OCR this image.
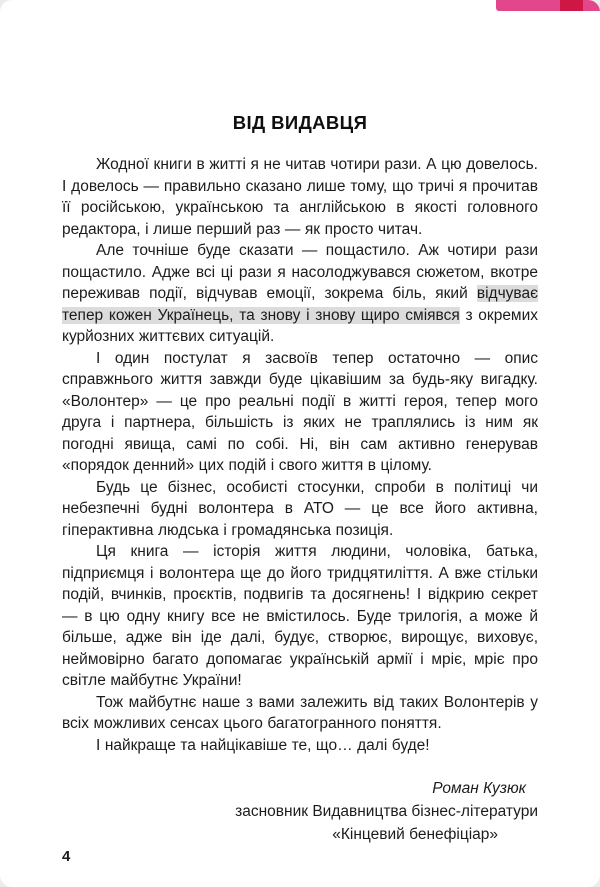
ВІД ВИДАВЦЯ

Жодної книги в житті я не читав чотири рази. А цю довелось. І довелось — правильно сказано лише тому, що тричі я прочитав її російською, українською та англійською в якості головного редактора, і лише перший раз — як просто читач.

Але точніше буде сказати — пощастило. Аж чотири рази пощастило. Адже всі ці рази я насолоджувався сюжетом, вкотре переживав події, відчував емоції, зокрема біль, який відчуває тепер кожен Українець, та знову і знову щиро сміявся з окремих курйозних життєвих ситуацій.

І один постулат я засвоїв тепер остаточно — опис справжнього життя завжди буде цікавішим за будь-яку вигадку. «Волонтер» — це про реальні події в житті героя, тепер мого друга і партнера, більшість із яких не траплялись із ним як погодні явища, самі по собі. Ні, він сам активно генерував «порядок денний» цих подій і свого життя в цілому.

Будь це бізнес, особисті стосунки, спроби в політиці чи небезпечні будні волонтера в АТО — це все його активна, гіперактивна людська і громадянська позиція.

Ця книга — історія життя людини, чоловіка, батька, підприємця і волонтера ще до його тридцятиліття. А вже стільки подій, вчинків, проєктів, подвигів та досягнень! І відкрию секрет — в цю одну книгу все не вмістилось. Буде трилогія, а може й більше, адже він іде далі, будує, створює, вирощує, виховує, неймовірно багато допомагає українській армії і мріє, мріє про світле майбутнє України!

Тож майбутнє наше з вами залежить від таких Волонтерів у всіх можливих сенсах цього багатогранного поняття.

І найкраще та найцікавіше те, що… далі буде!

Роман Кузюк
засновник Видавництва бізнес-літератури
«Кінцевий бенефіціар»
4
